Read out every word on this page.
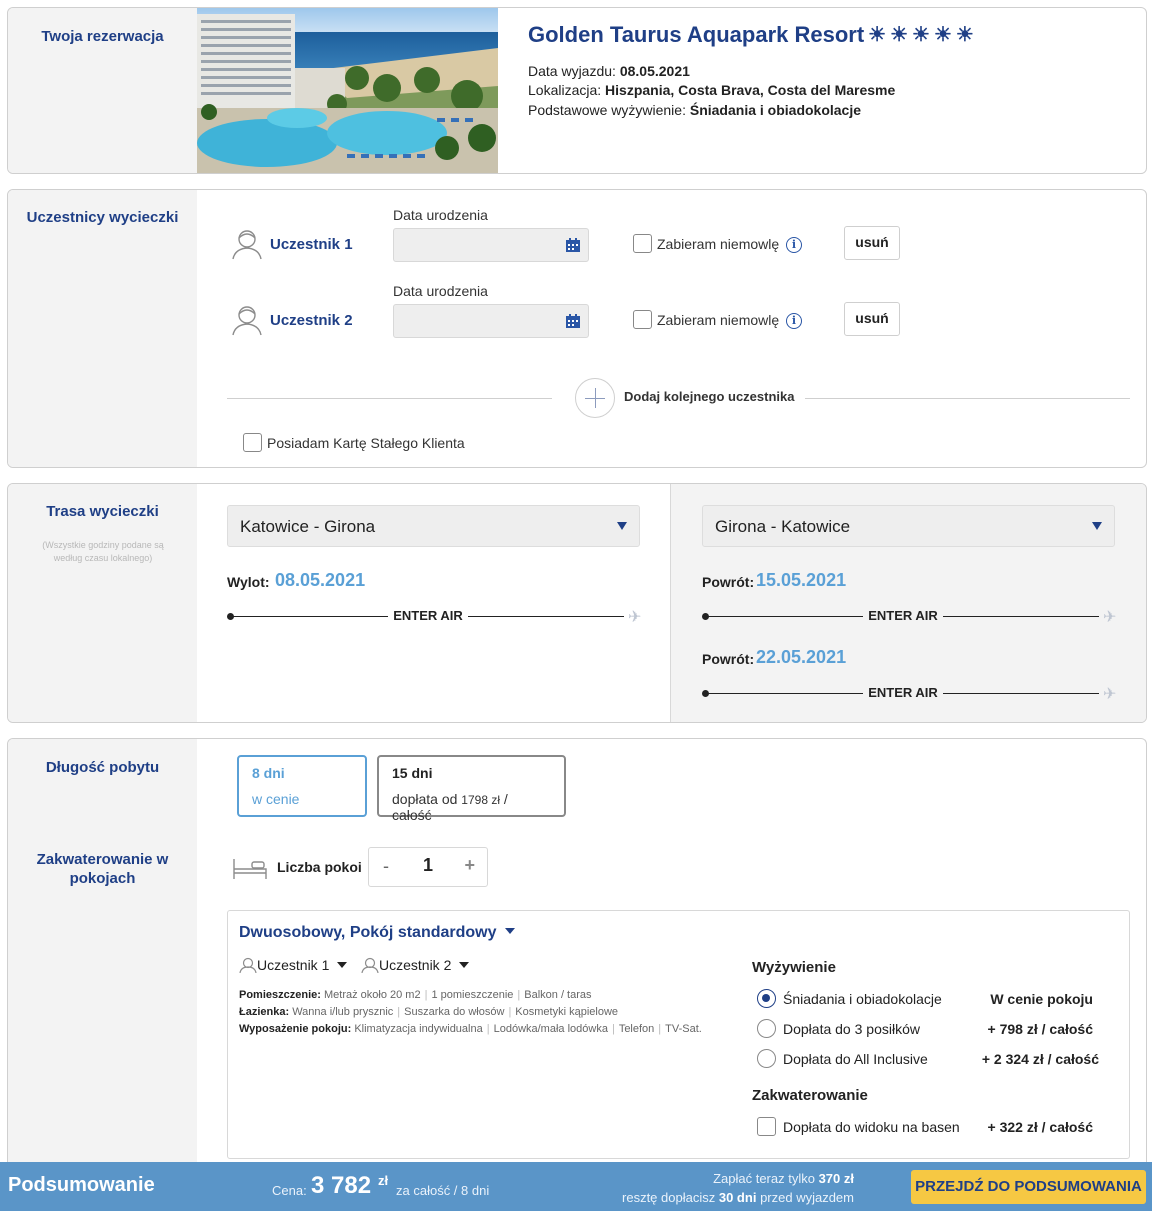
Twoja rezerwacja	Golden Taurus Aquapark Resort ☀☀☀☀☀
Data wyjazdu: 08.05.2021
Lokalizacja: Hiszpania, Costa Brava, Costa del Maresme
Podstawowe wyżywienie: Śniadania i obiadokolacje
Uczestnicy wycieczki
Uczestnik 1
Data urodzenia
Zabieram niemowlę	i	usuń
Uczestnik 2
Data urodzenia
Zabieram niemowlę	i	usuń
Dodaj kolejnego uczestnika
Posiadam Kartę Stałego Klienta
Trasa wycieczki
(Wszystkie godziny podane są według czasu lokalnego)
Katowice - Girona
Wylot: 08.05.2021
ENTER AIR	✈
Girona - Katowice
Powrót: 15.05.2021
ENTER AIR	✈
Powrót: 22.05.2021
ENTER AIR	✈
Długość pobytu
Zakwaterowanie w pokojach
8 dni
w cenie
15 dni
dopłata od 1798 zł / całość
Liczba pokoi - 1 +
Dwuosobowy, Pokój standardowy
Uczestnik 1	Uczestnik 2
Pomieszczenie: Metraż około 20 m2 | 1 pomieszczenie | Balkon / taras
Łazienka: Wanna i/lub prysznic | Suszarka do włosów | Kosmetyki kąpielowe
Wyposażenie pokoju: Klimatyzacja indywidualna | Lodówka/mała lodówka | Telefon | TV-Sat.
Wyżywienie
Śniadania i obiadokolacje	W cenie pokoju
Dopłata do 3 posiłków	+ 798 zł / całość
Dopłata do All Inclusive	+ 2 324 zł / całość
Zakwaterowanie
Dopłata do widoku na basen	+ 322 zł / całość
Podsumowanie	Cena: 3 782 zł
za całość / 8 dni
Zapłać teraz tylko 370 zł
resztę dopłacisz 30 dni przed wyjazdem
PRZEJDŹ DO PODSUMOWANIA
